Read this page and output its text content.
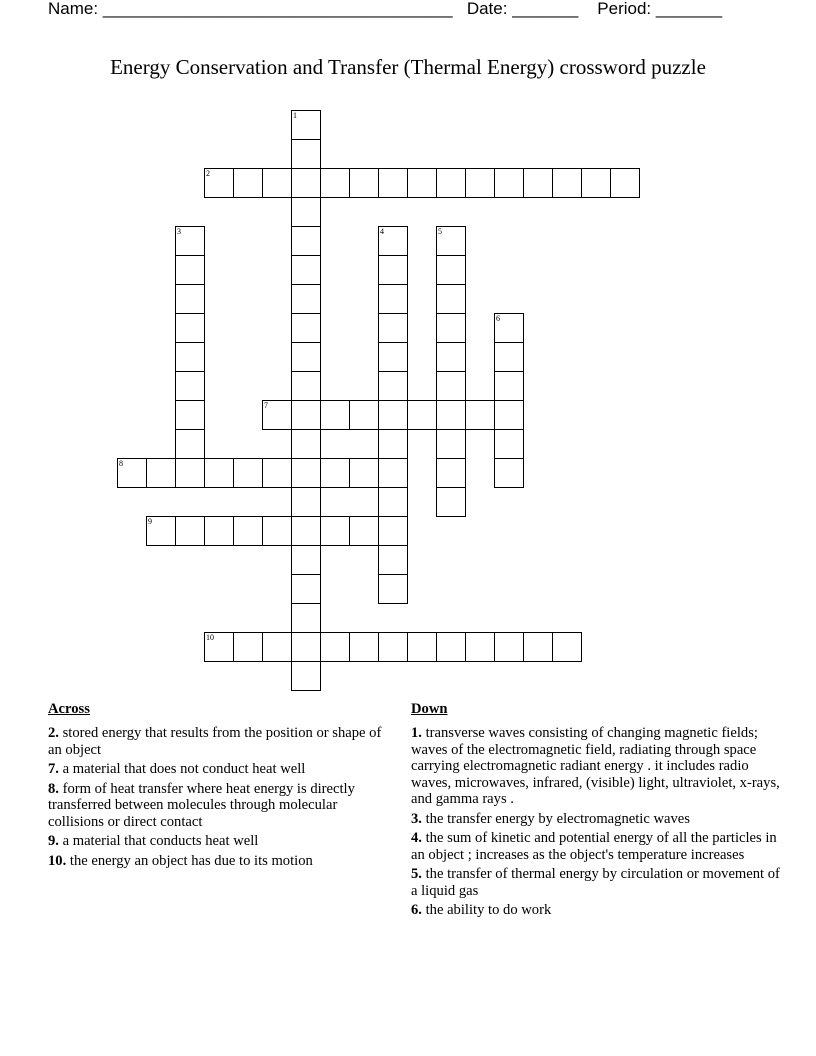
Name: _____________________________________ Date: _______ Period: _______
Energy Conservation and Transfer (Thermal Energy) crossword puzzle
1
2
3	4	5
6
7
8
9
10
Across
2. stored energy that results from the position or shape of an object
7. a material that does not conduct heat well
8. form of heat transfer where heat energy is directly transferred between molecules through molecular collisions or direct contact
9. a material that conducts heat well
10. the energy an object has due to its motion
Down
1. transverse waves consisting of changing magnetic fields; waves of the electromagnetic field, radiating through space carrying electromagnetic radiant energy . it includes radio waves, microwaves, infrared, (visible) light, ultraviolet, x-rays, and gamma rays .
3. the transfer energy by electromagnetic waves
4. the sum of kinetic and potential energy of all the particles in an object ; increases as the object's temperature increases
5. the transfer of thermal energy by circulation or movement of a liquid gas
6. the ability to do work
